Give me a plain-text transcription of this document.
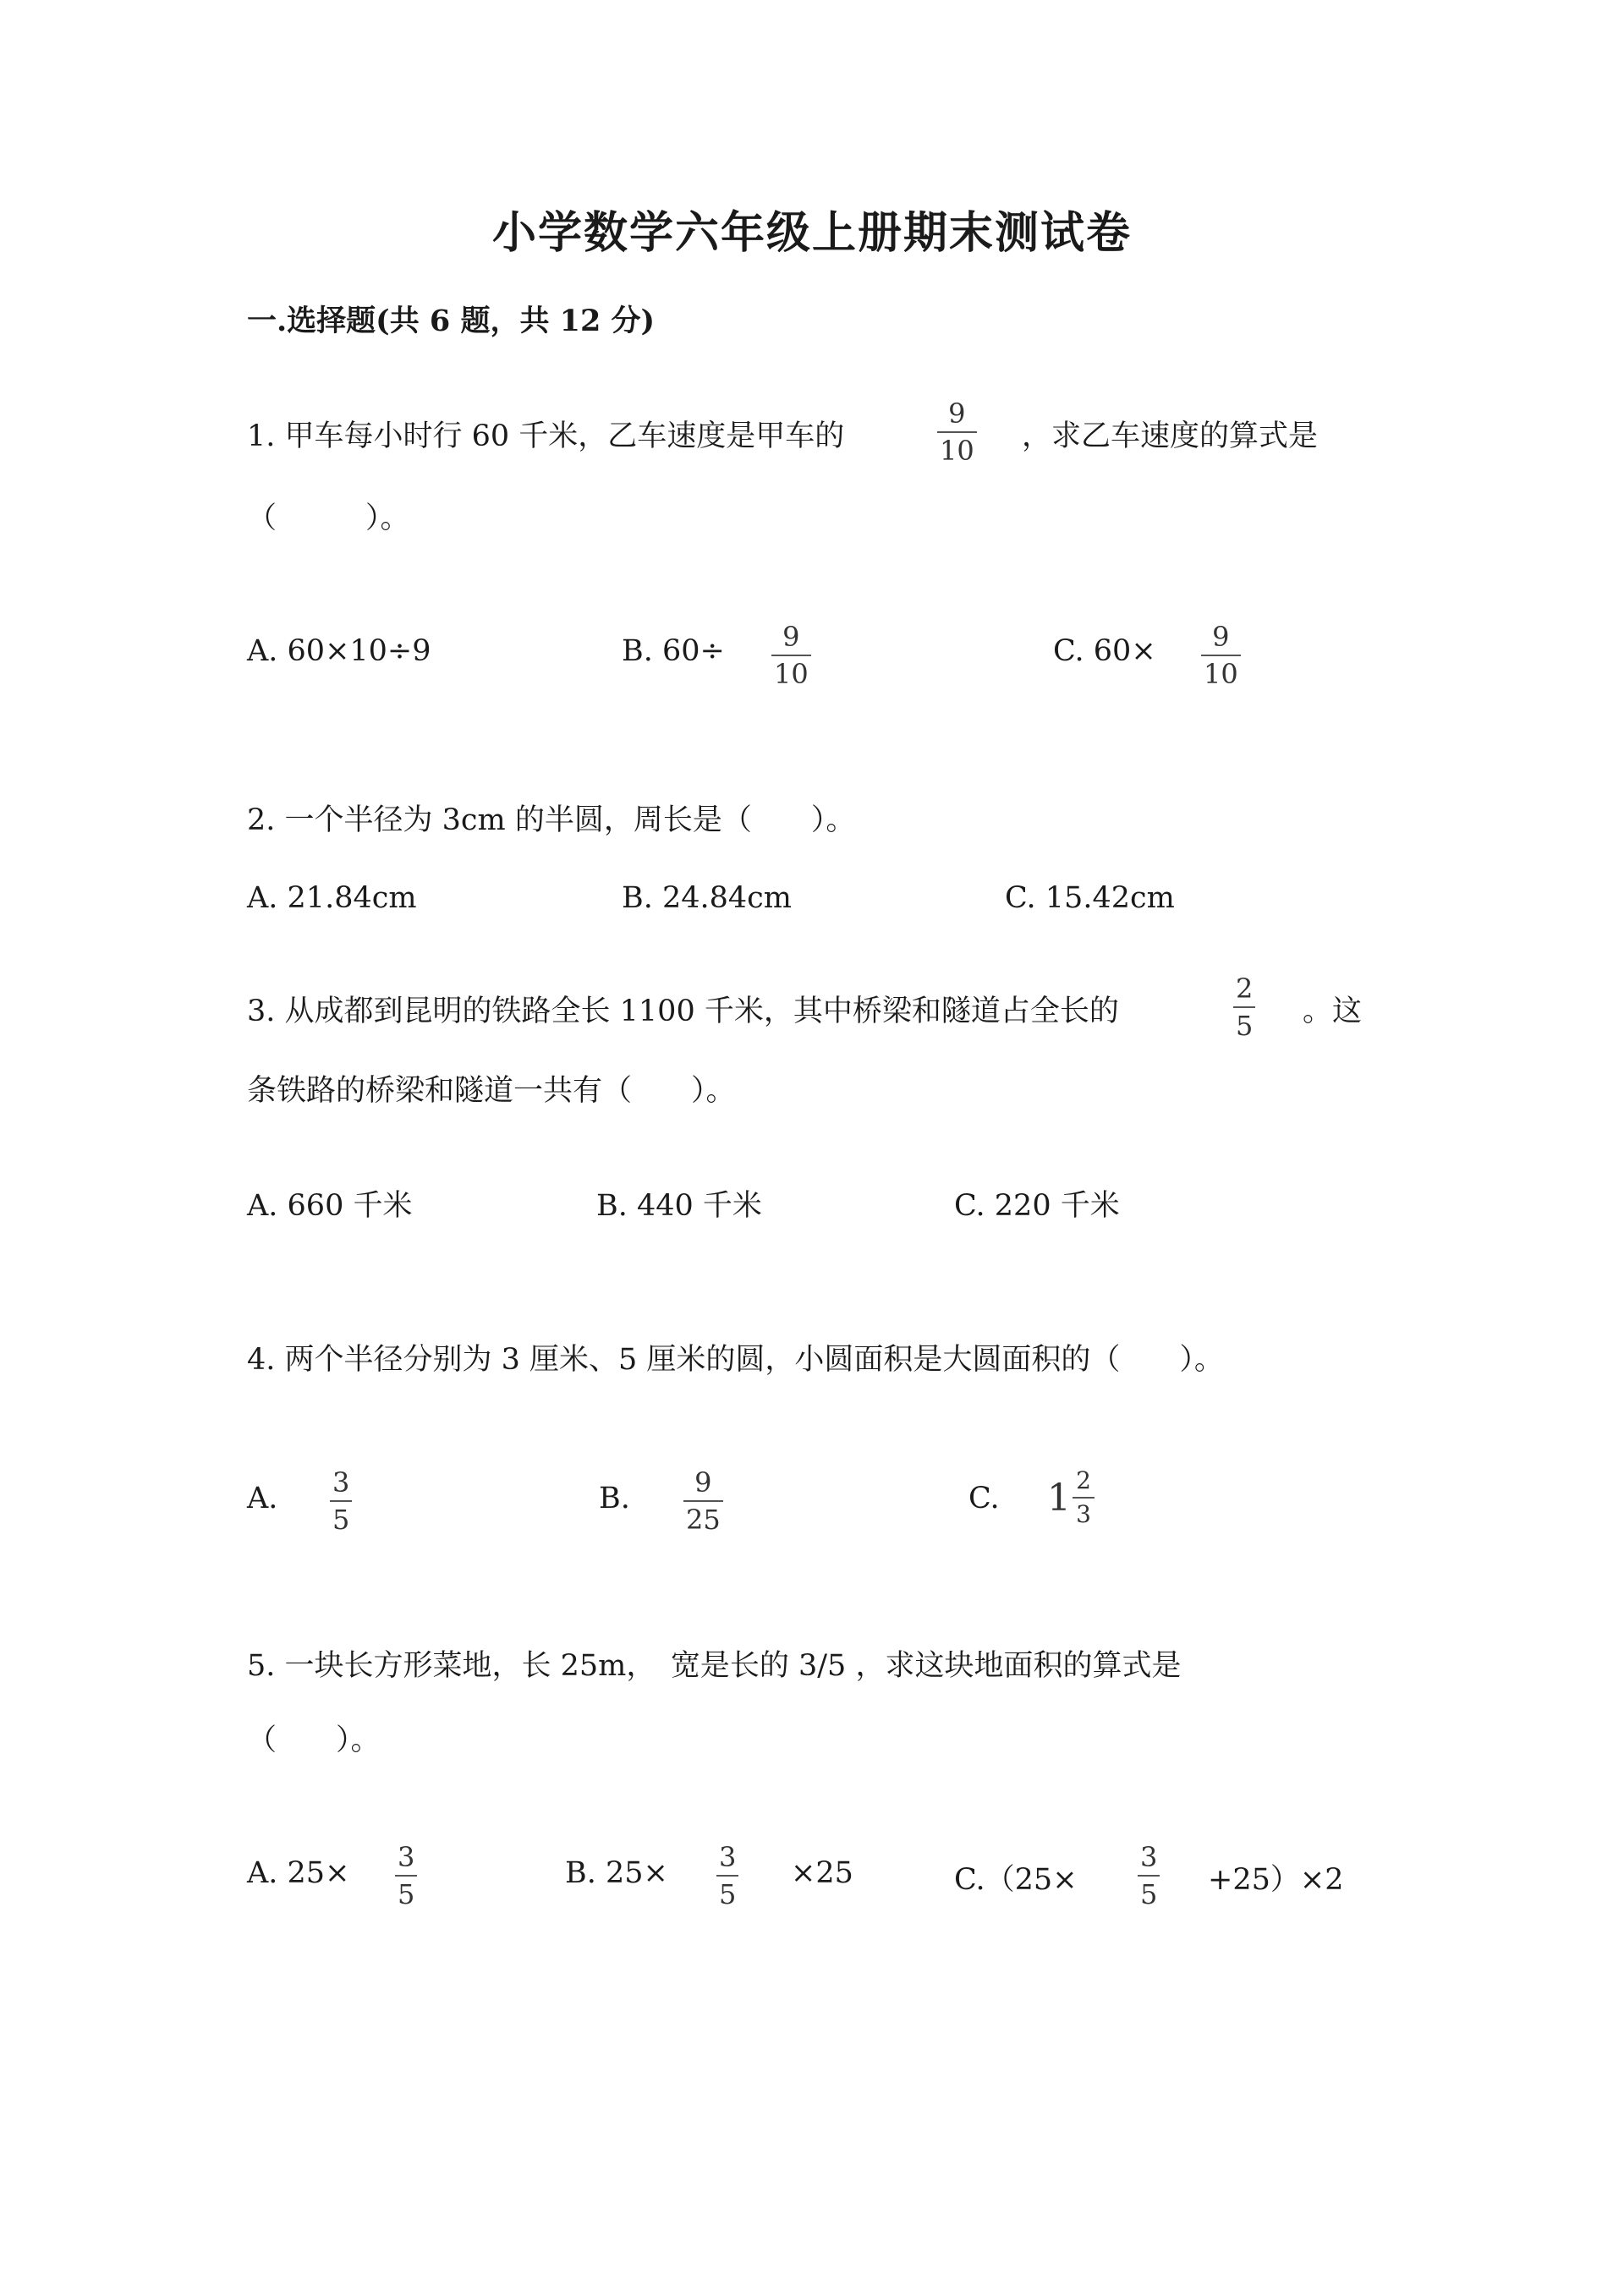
小学数学六年级上册期末测试卷
一.选择题(共 6 题，共 12 分)
1. 甲车每小时行 60 千米，乙车速度是甲车的
9
10 ，求乙车速度的算式是
（　　　）。
A. 60×10÷9	B. 60÷ 9
10
C. 60× 9
10
2. 一个半径为 3cm 的半圆，周长是（　　）。
A. 21.84cm	B. 24.84cm	C. 15.42cm
3. 从成都到昆明的铁路全长 1100 千米，其中桥梁和隧道占全长的
2
5 。这
条铁路的桥梁和隧道一共有（　　）。
A. 660 千米	B. 440 千米	C. 220 千米
4. 两个半径分别为 3 厘米、5 厘米的圆，小圆面积是大圆面积的（　　）。
A. 3
5
B. 9
25
C. $1 \frac{2}{3}$
5. 一块长方形菜地，长 25m，　宽是长的 3/5 ，求这块地面积的算式是
（　　）。
A. 25× 3
5
B. 25× 3
5
×25	C.（25×
3
5 +25）×2
